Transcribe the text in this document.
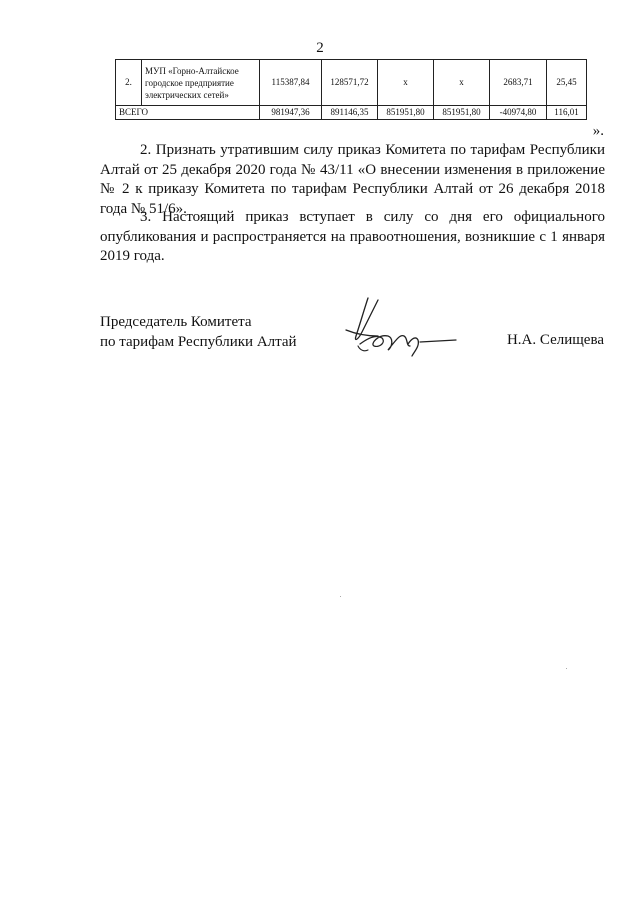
2
2.	МУП «Горно-Алтайское городское предприятие электрических сетей»	115387,84	128571,72	x	x	2683,71	25,45
ВСЕГО		981947,36	891146,35	851951,80	851951,80	-40974,80	116,01
».

2. Признать утратившим силу приказ Комитета по тарифам Республики Алтай от 25 декабря 2020 года № 43/11 «О внесении изменения в приложение № 2 к приказу Комитета по тарифам Республики Алтай от 26 декабря 2018 года № 51/6».

3. Настоящий приказ вступает в силу со дня его официального опубликования и распространяется на правоотношения, возникшие с 1 января 2019 года.

Председатель Комитета
по тарифам Республики Алтай	Н.А. Селищева
